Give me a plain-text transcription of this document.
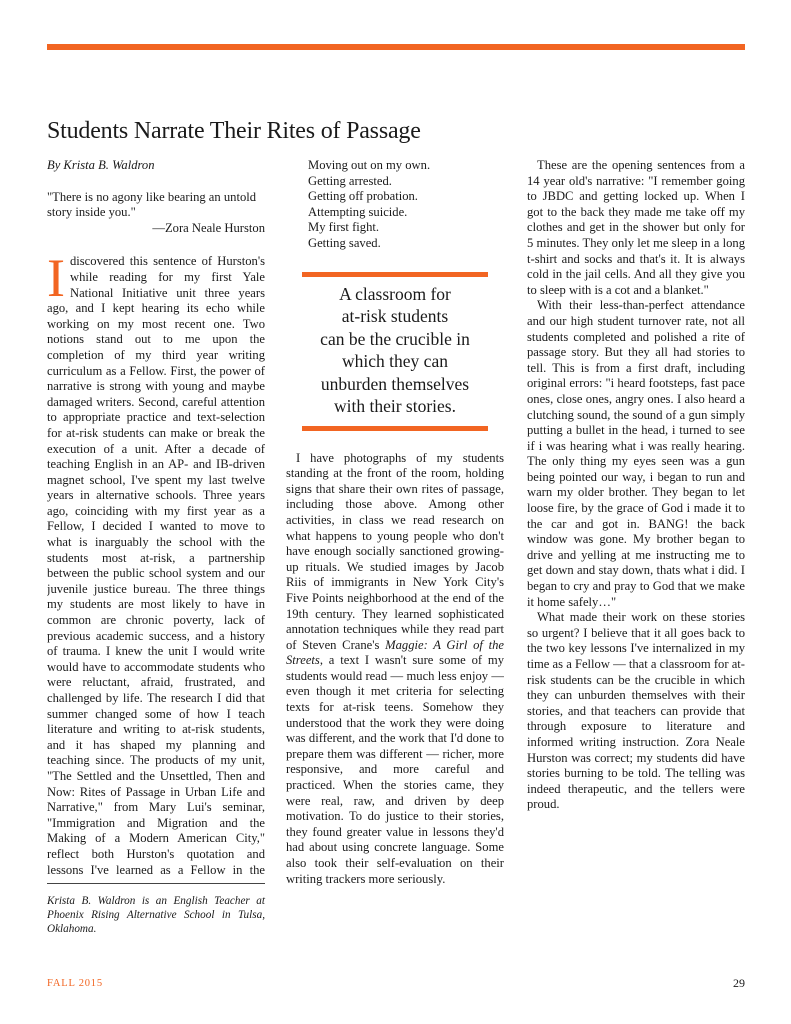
Students Narrate Their Rites of Passage

By Krista B. Waldron

"There is no agony like bearing an untold story inside you."

—Zora Neale Hurston

Idiscovered this sentence of Hurston's while reading for my first Yale National Initiative unit three years ago, and I kept hearing its echo while working on my most recent one. Two notions stand out to me upon the completion of my third year writing curriculum as a Fellow. First, the power of narrative is strong with young and maybe damaged writers. Second, careful attention to appropriate practice and text-selection for at-risk students can make or break the execution of a unit. After a decade of teaching English in an AP- and IB-driven magnet school, I've spent my last twelve years in alternative schools. Three years ago, coinciding with my first year as a Fellow, I decided I wanted to move to what is inarguably the school with the students most at-risk, a partnership between the public school system and our juvenile justice bureau. The three things my students are most likely to have in common are chronic poverty, lack of previous academic success, and a history of trauma. I knew the unit I would write would have to accommodate students who were reluctant, afraid, frustrated, and challenged by life. The research I did that summer changed some of how I teach literature and writing to at-risk students, and it has shaped my planning and teaching since. The products of my unit, "The Settled and the Unsettled, Then and Now: Rites of Passage in Urban Life and Narrative," from Mary Lui's seminar, "Immigration and Migration and the Making of a Modern American City," reflect both Hurston's quotation and lessons I've learned as a Fellow in the

Krista B. Waldron is an English Teacher at Phoenix Rising Alternative School in Tulsa, Oklahoma.
Moving out on my own.
Getting arrested.
Getting off probation.
Attempting suicide.
My first fight.
Getting saved.
A classroom for
at-risk students
can be the crucible in
which they can
unburden themselves
with their stories.

I have photographs of my students standing at the front of the room, holding signs that share their own rites of passage, including those above. Among other activities, in class we read research on what happens to young people who don't have enough socially sanctioned growing-up rituals. We studied images by Jacob Riis of immigrants in New York City's Five Points neighborhood at the end of the 19th century. They learned sophisticated annotation techniques while they read part of Steven Crane's Maggie: A Girl of the Streets, a text I wasn't sure some of my students would read — much less enjoy — even though it met criteria for selecting texts for at-risk teens. Somehow they understood that the work they were doing was different, and the work that I'd done to prepare them was different — richer, more responsive, and more careful and practiced. When the stories came, they were real, raw, and driven by deep motivation. To do justice to their stories, they found greater value in lessons they'd had about using concrete language. Some also took their self-evaluation on their writing trackers more seriously.

These are the opening sentences from a 14 year old's narrative: "I remember going to JBDC and getting locked up. When I got to the back they made me take off my clothes and get in the shower but only for 5 minutes. They only let me sleep in a long t-shirt and socks and that's it. It is always cold in the jail cells. And all they give you to sleep with is a cot and a blanket."

With their less-than-perfect attendance and our high student turnover rate, not all students completed and polished a rite of passage story. But they all had stories to tell. This is from a first draft, including original errors: "i heard footsteps, fast pace ones, close ones, angry ones. I also heard a clutching sound, the sound of a gun simply putting a bullet in the head, i turned to see if i was hearing what i was really hearing. The only thing my eyes seen was a gun being pointed our way, i began to run and warn my older brother. They began to let loose fire, by the grace of God i made it to the car and got in. BANG! the back window was gone. My brother began to drive and yelling at me instructing me to get down and stay down, thats what i did. I began to cry and pray to God that we make it home safely…"

What made their work on these stories so urgent? I believe that it all goes back to the two key lessons I've internalized in my time as a Fellow — that a classroom for at-risk students can be the crucible in which they can unburden themselves with their stories, and that teachers can provide that through exposure to literature and informed writing instruction. Zora Neale Hurston was correct; my students did have stories burning to be told. The telling was indeed therapeutic, and the tellers were proud.

FALL 2015	29
